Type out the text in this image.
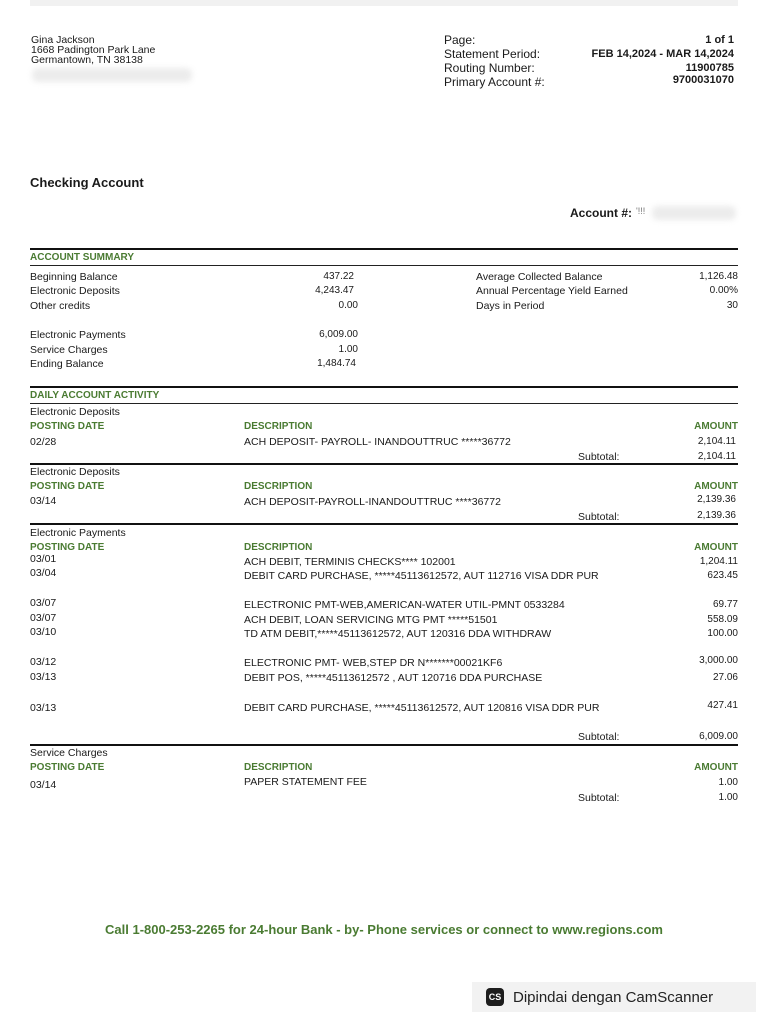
Gina Jackson
1668 Padington Park Lane
Germantown, TN 38138
Page:	1 of 1
Statement Period:	FEB 14,2024 - MAR 14,2024
Routing Number:	11900785
Primary Account #:	9700031070
Checking Account
Account #: '!!!
ACCOUNT SUMMARY
Beginning Balance	437.22
Electronic Deposits	4,243.47
Other credits	0.00
Electronic Payments	6,009.00
Service Charges	1.00
Ending Balance	1,484.74
Average Collected Balance	1,126.48
Annual Percentage Yield Earned	0.00%
Days in Period	30
DAILY ACCOUNT ACTIVITY
Electronic Deposits
POSTING DATE	DESCRIPTION	AMOUNT
02/28	ACH DEPOSIT- PAYROLL- INANDOUTTRUC *****36772	2,104.11
Subtotal:	2,104.11
Electronic Deposits
POSTING DATE	DESCRIPTION	AMOUNT
03/14	ACH DEPOSIT-PAYROLL-INANDOUTTRUC ****36772	2,139.36
Subtotal:	2,139.36
Electronic Payments
POSTING DATE	DESCRIPTION	AMOUNT
03/01	ACH DEBIT, TERMINIS CHECKS**** 102001	1,204.11
03/04	DEBIT CARD PURCHASE, *****45113612572, AUT 112716 VISA DDR PUR	623.45
03/07	ELECTRONIC PMT-WEB,AMERICAN-WATER UTIL-PMNT 0533284	69.77
03/07	ACH DEBIT, LOAN SERVICING MTG PMT *****51501	558.09
03/10	TD ATM DEBIT,*****45113612572, AUT 120316 DDA WITHDRAW	100.00
03/12	ELECTRONIC PMT- WEB,STEP DR N*******00021KF6	3,000.00
03/13	DEBIT POS, *****45113612572 , AUT 120716 DDA PURCHASE	27.06
03/13	DEBIT CARD PURCHASE, *****45113612572, AUT 120816 VISA DDR PUR	427.41
Subtotal:	6,009.00
Service Charges
POSTING DATE	DESCRIPTION	AMOUNT
03/14	PAPER STATEMENT FEE	1.00
Subtotal:	1.00
Call 1-800-253-2265 for 24-hour Bank - by- Phone services or connect to www.regions.com
CS Dipindai dengan CamScanner
